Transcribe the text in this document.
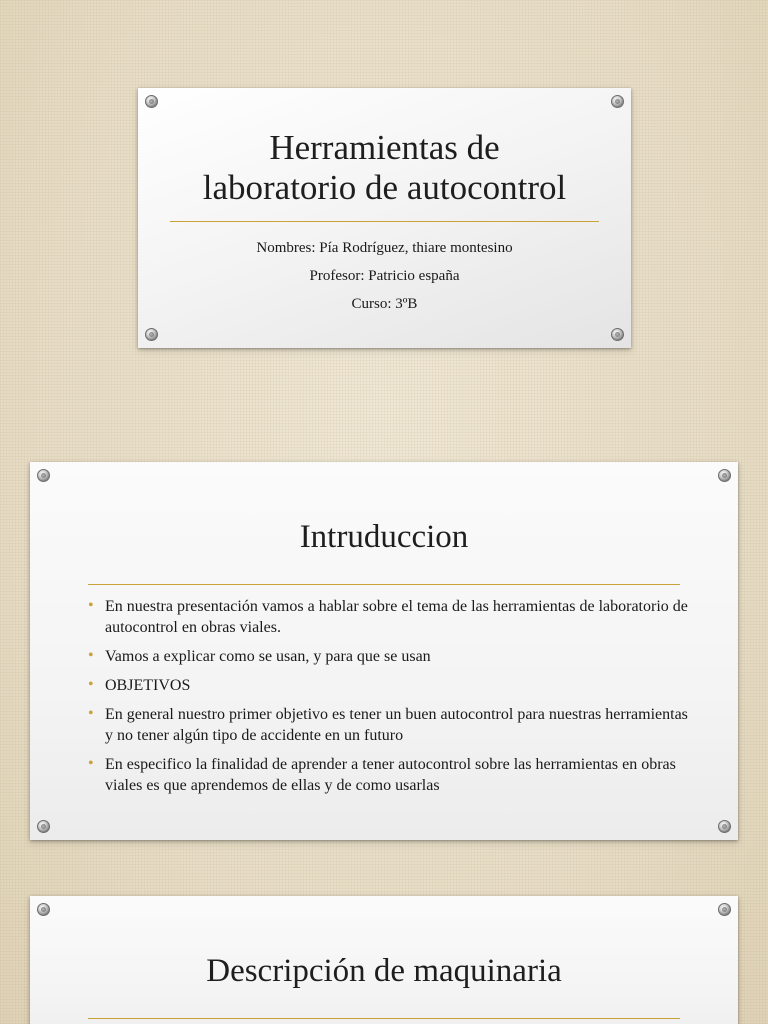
Herramientas de
laboratorio de autocontrol
Nombres: Pía Rodríguez, thiare montesino
Profesor: Patricio españa
Curso: 3ºB
Intruduccion
• En nuestra presentación vamos a hablar sobre el tema de las herramientas de laboratorio de autocontrol en obras viales.
• Vamos a explicar como se usan, y para que se usan
• OBJETIVOS
• En general nuestro primer objetivo es tener un buen autocontrol para nuestras herramientas y no tener algún tipo de accidente en un futuro
• En especifico la finalidad de aprender a tener autocontrol sobre las herramientas en obras viales es que aprendemos de ellas y de como usarlas
Descripción de maquinaria
